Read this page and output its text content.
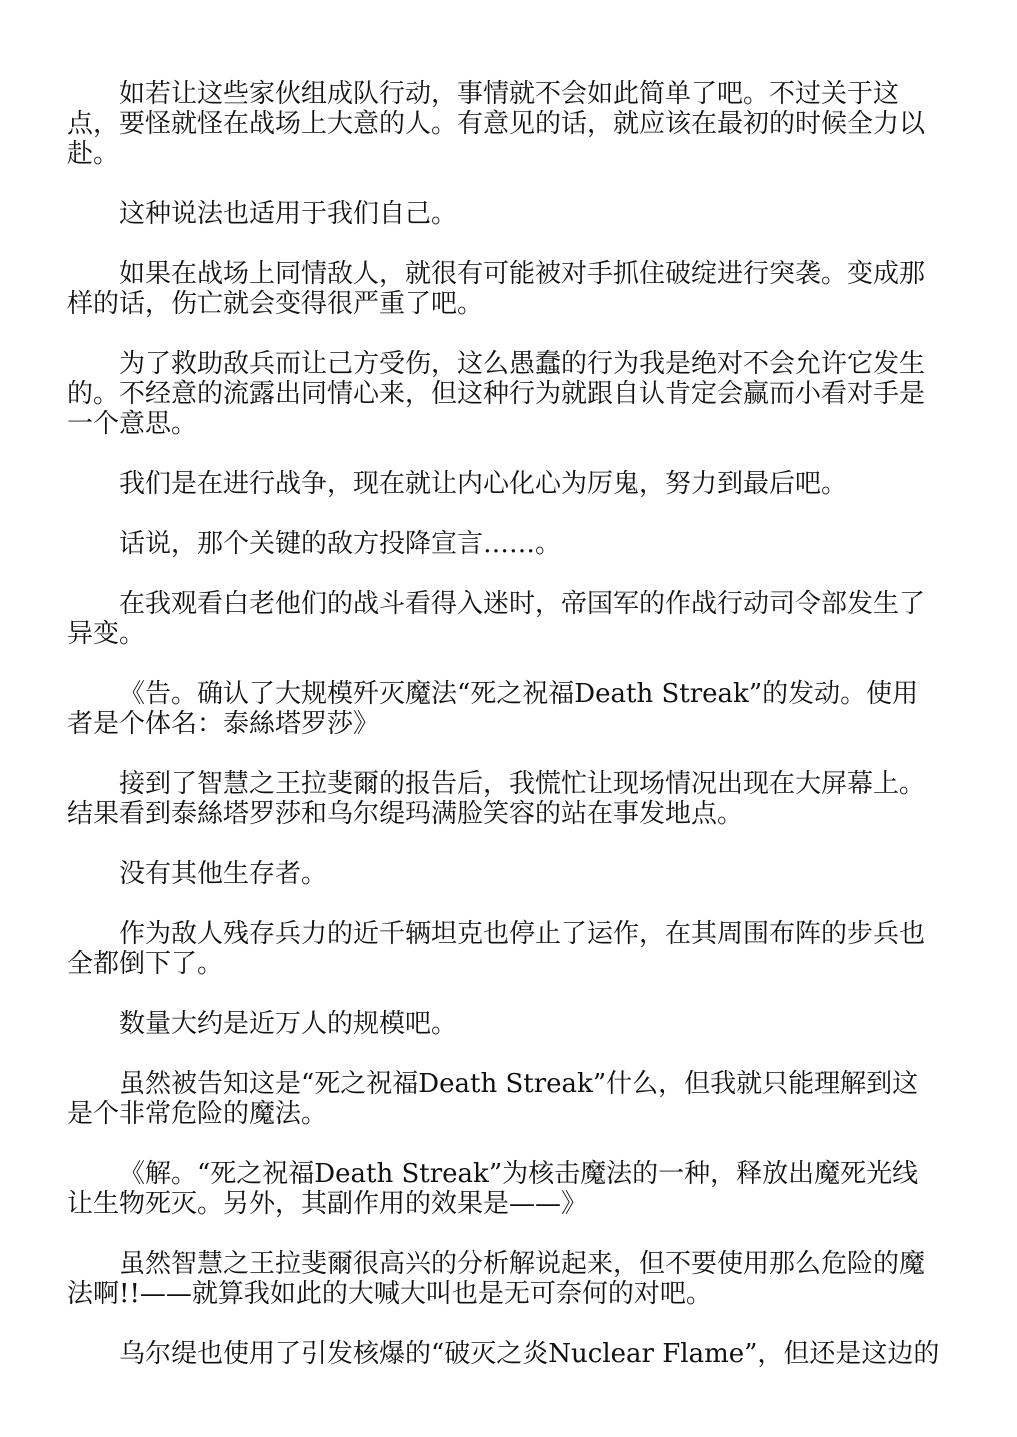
如若让这些家伙组成队行动，事情就不会如此简单了吧。不过关于这
点，要怪就怪在战场上大意的人。有意见的话，就应该在最初的时候全力以
赴。
这种说法也适用于我们自己。
如果在战场上同情敌人，就很有可能被对手抓住破绽进行突袭。变成那
样的话，伤亡就会变得很严重了吧。
为了救助敌兵而让己方受伤，这么愚蠢的行为我是绝对不会允许它发生
的。不经意的流露出同情心来，但这种行为就跟自认肯定会赢而小看对手是
一个意思。
我们是在进行战争，现在就让内心化心为厉鬼，努力到最后吧。
话说，那个关键的敌方投降宣言……。
在我观看白老他们的战斗看得入迷时，帝国军的作战行动司令部发生了
异变。
《告。确认了大规模歼灭魔法“死之祝福Death Streak”的发动。使用
者是个体名：泰絲塔罗莎》
接到了智慧之王拉斐爾的报告后，我慌忙让现场情况出现在大屏幕上。
结果看到泰絲塔罗莎和乌尔缇玛满脸笑容的站在事发地点。
没有其他生存者。
作为敌人残存兵力的近千辆坦克也停止了运作，在其周围布阵的步兵也
全都倒下了。
数量大约是近万人的规模吧。
虽然被告知这是“死之祝福Death Streak”什么，但我就只能理解到这
是个非常危险的魔法。
《解。“死之祝福Death Streak”为核击魔法的一种，释放出魔死光线
让生物死灭。另外，其副作用的效果是——》
虽然智慧之王拉斐爾很高兴的分析解说起来，但不要使用那么危险的魔
法啊!!——就算我如此的大喊大叫也是无可奈何的对吧。
乌尔缇也使用了引发核爆的“破灭之炎Nuclear Flame”，但还是这边的
